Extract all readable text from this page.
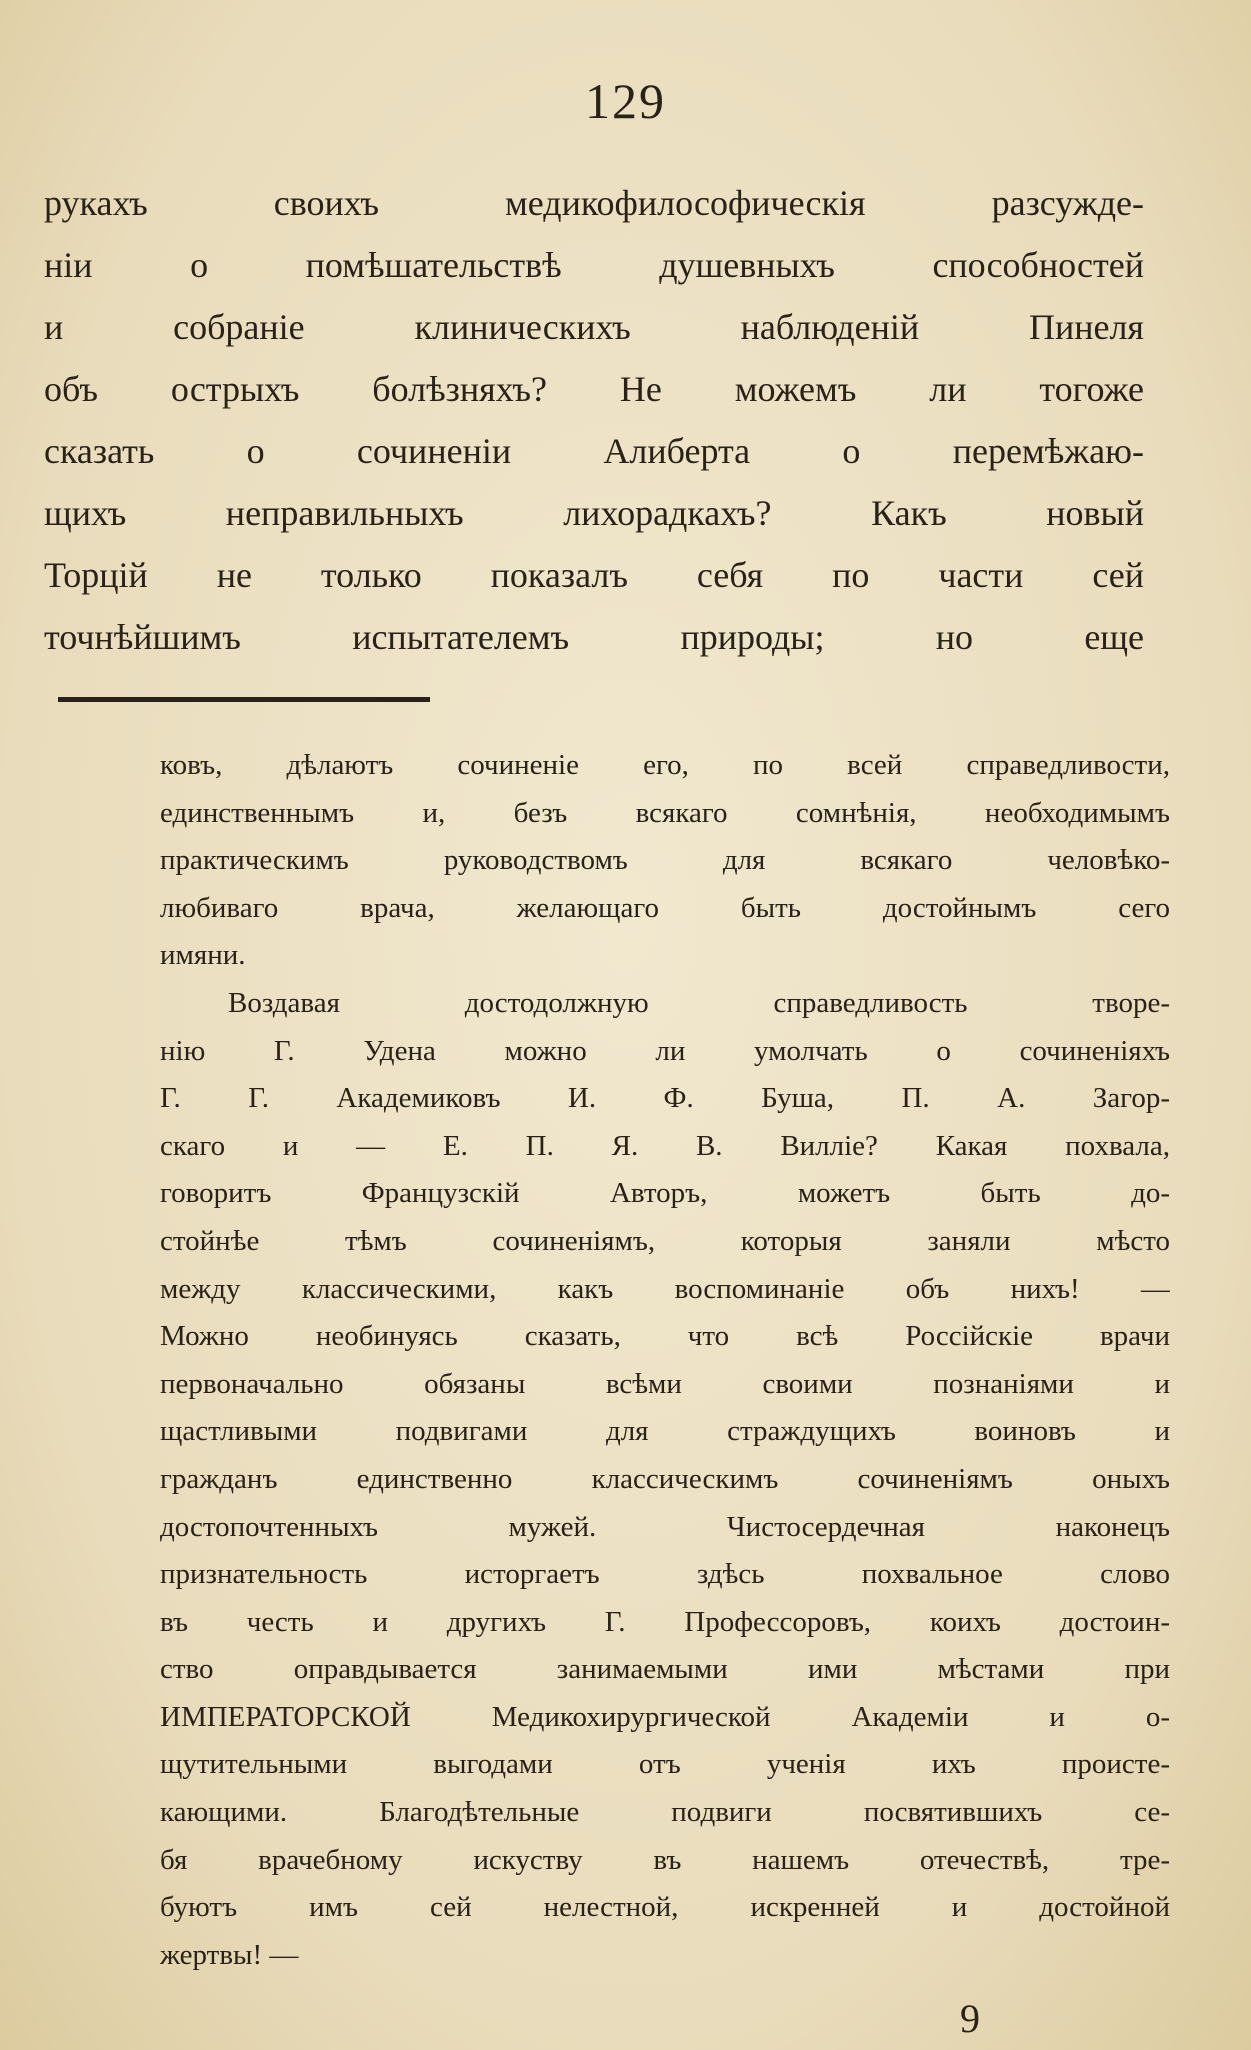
129
рукахъ своихъ медикофилософическія разсужде-
ніи о помѣшательствѣ душевныхъ способностей
и собраніе клиническихъ наблюденій Пинеля
объ острыхъ болѣзняхъ? Не можемъ ли тогоже
сказать о сочиненіи Алиберта о перемѣжаю-
щихъ неправильныхъ лихорадкахъ? Какъ новый
Торцій не только показалъ себя по части сей
точнѣйшимъ испытателемъ природы; но еще
ковъ, дѣлаютъ сочиненіе его, по всей справедливости,
единственнымъ и, безъ всякаго сомнѣнія, необходимымъ
практическимъ руководствомъ для всякаго человѣко-
любиваго врача, желающаго быть достойнымъ сего
имяни.
Воздавая достодолжную справедливость творе-
нію Г. Удена можно ли умолчать о сочиненіяхъ
Г. Г. Академиковъ И. Ф. Буша, П. А. Загор-
скаго и — Е. П. Я. В. Виллiе? Какая похвала,
говоритъ Французскій Авторъ, можетъ быть до-
стойнѣе тѣмъ сочиненіямъ, которыя заняли мѣсто
между классическими, какъ воспоминаніе объ нихъ! —
Можно необинуясь сказать, что всѣ Россійскіе врачи
первоначально обязаны всѣми своими познаніями и
щастливыми подвигами для страждущихъ воиновъ и
гражданъ единственно классическимъ сочиненіямъ оныхъ
достопочтенныхъ мужей. Чистосердечная наконецъ
признательность исторгаетъ здѣсь похвальное слово
въ честь и другихъ Г. Профессоровъ, коихъ достоин-
ство оправдывается занимаемыми ими мѣстами при
ИМПЕРАТОРСКОЙ Медикохирургической Академіи и о-
щутительными выгодами отъ ученія ихъ происте-
кающими. Благодѣтельные подвиги посвятившихъ се-
бя врачебному искуству въ нашемъ отечествѣ, тре-
буютъ имъ сей нелестной, искренней и достойной
жертвы! —
9
